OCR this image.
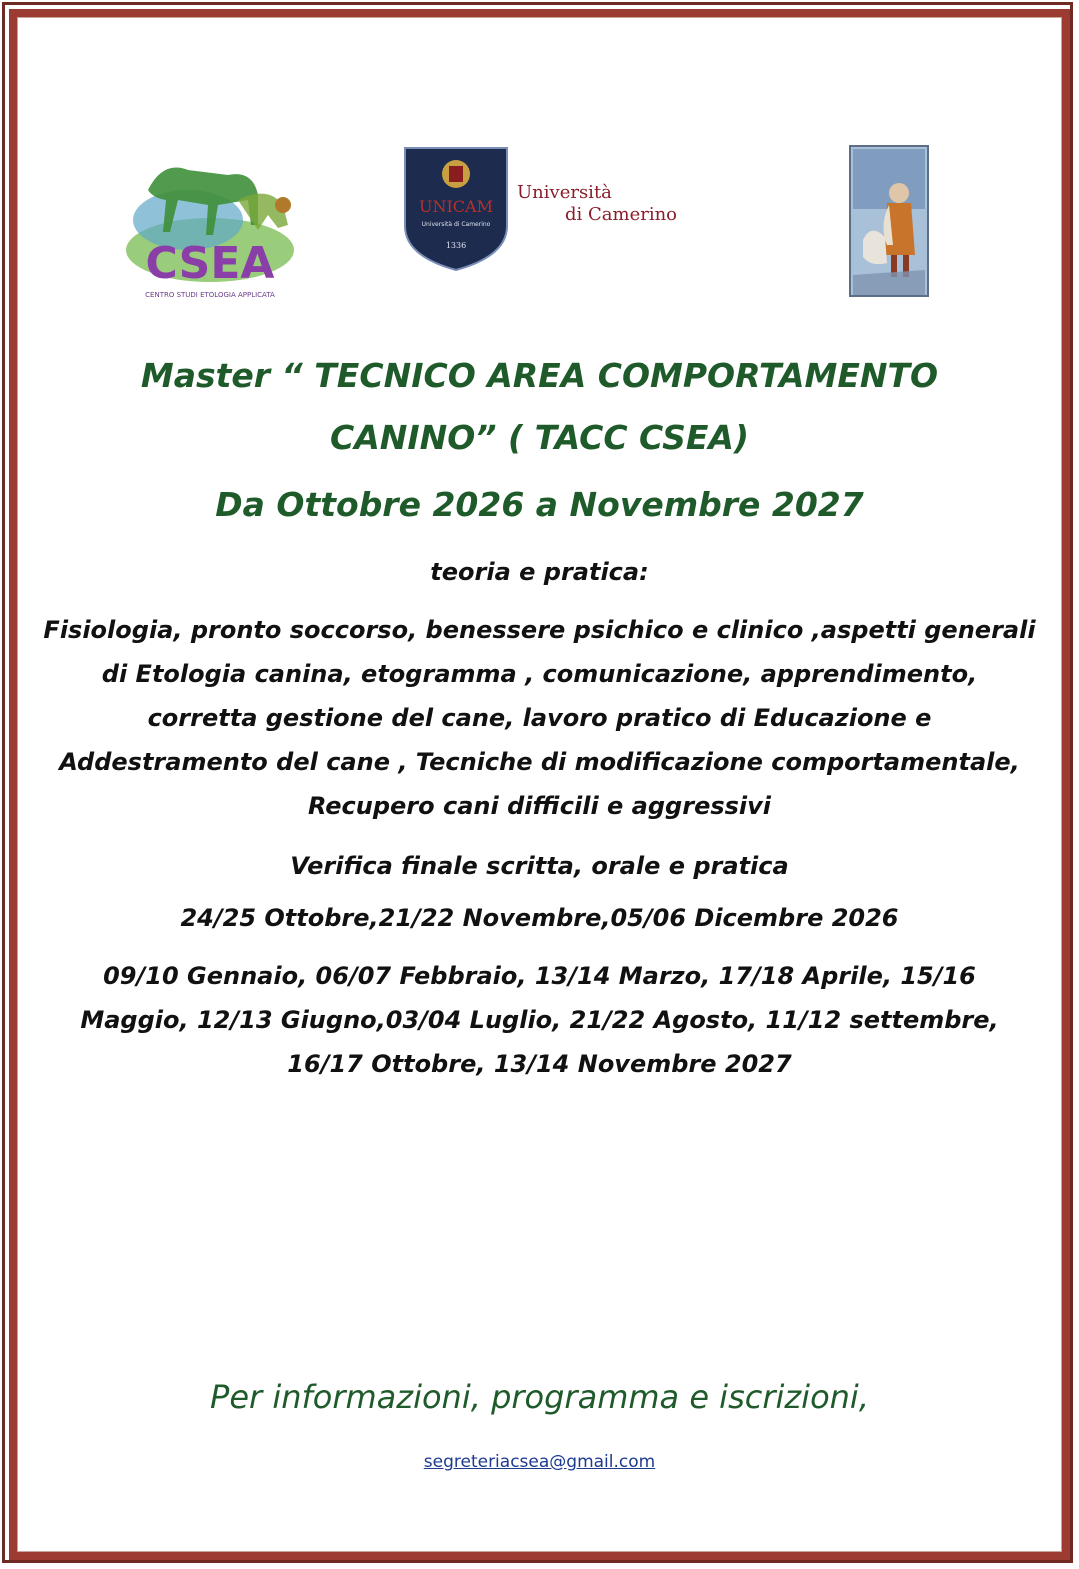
CSEA
CENTRO STUDI ETOLOGIA APPLICATA
UNICAM
Università di Camerino
1336
Università
di Camerino
Master “ TECNICO AREA COMPORTAMENTO
CANINO” ( TACC CSEA)
Da Ottobre 2026 a Novembre 2027
teoria e pratica:
Fisiologia, pronto soccorso, benessere psichico e clinico ,aspetti generali
di Etologia canina, etogramma , comunicazione, apprendimento,
corretta gestione del cane, lavoro pratico di Educazione e
Addestramento del cane , Tecniche di modificazione comportamentale,
Recupero cani difficili e aggressivi
Verifica finale scritta, orale e pratica
24/25 Ottobre,21/22 Novembre,05/06 Dicembre 2026
09/10 Gennaio, 06/07 Febbraio, 13/14 Marzo, 17/18 Aprile, 15/16
Maggio, 12/13 Giugno,03/04 Luglio, 21/22 Agosto, 11/12 settembre,
16/17 Ottobre, 13/14 Novembre 2027

Per informazioni, programma e iscrizioni,

segreteriacsea@gmail.com
